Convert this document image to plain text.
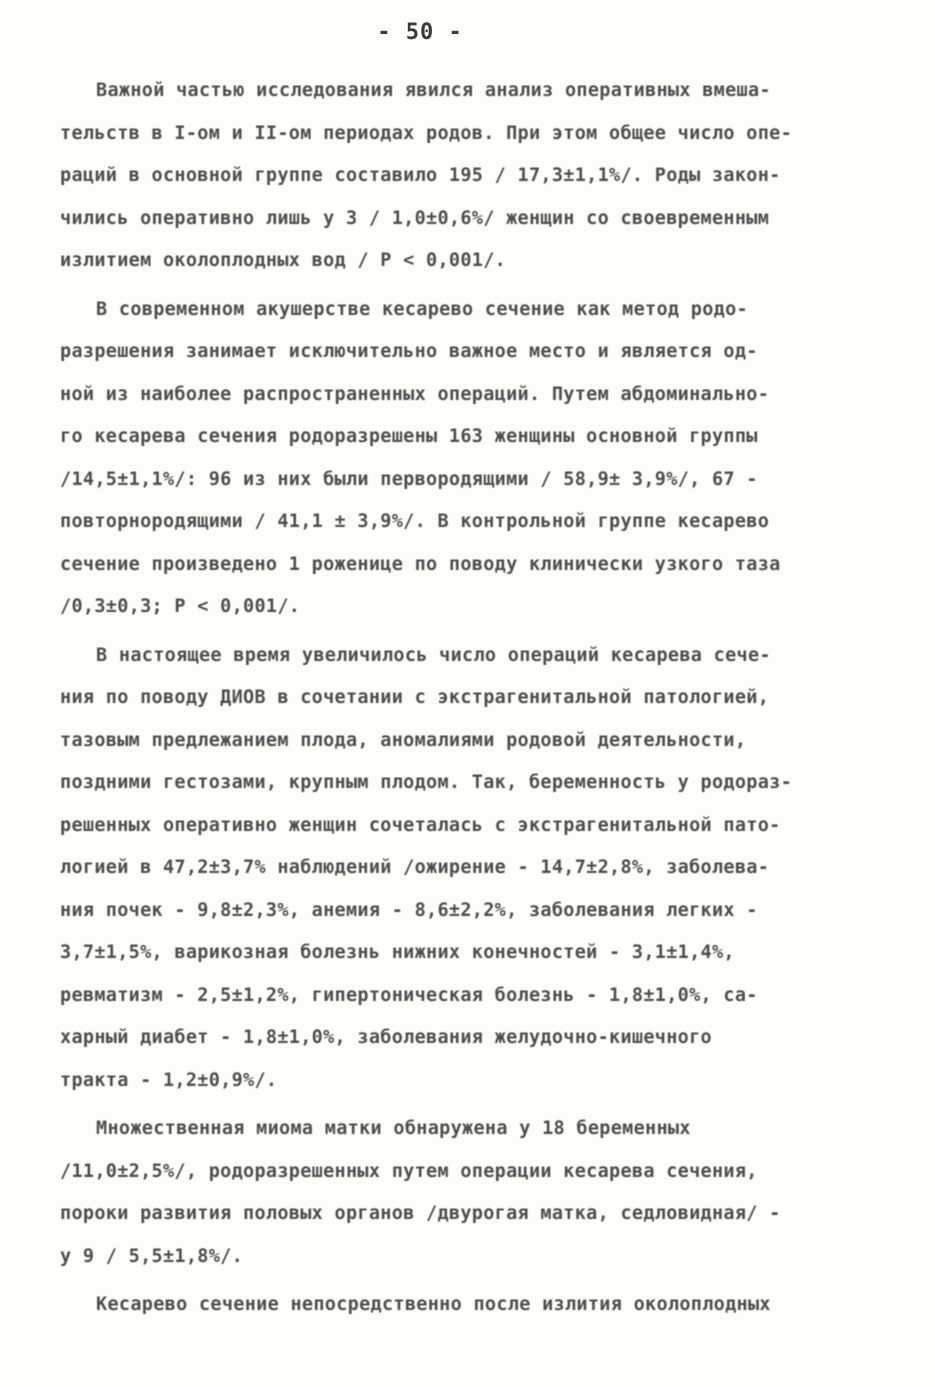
- 50 -
Важной частью исследования явился анализ оперативных вмеша-
тельств в I-ом и II-ом периодах родов. При этом общее число опе-
раций в основной группе составило 195 / 17,3±1,1%/. Роды закон-
чились оперативно лишь у 3 / 1,0±0,6%/ женщин со своевременным
излитием околоплодных вод / P < 0,001/.
В современном акушерстве кесарево сечение как метод родо-
разрешения занимает исключительно важное место и является од-
ной из наиболее распространенных операций. Путем абдоминально-
го кесарева сечения родоразрешены 163 женщины основной группы
/14,5±1,1%/: 96 из них были первородящими / 58,9± 3,9%/, 67 -
повторнородящими / 41,1 ± 3,9%/. В контрольной группе кесарево
сечение произведено 1 роженице по поводу клинически узкого таза
/0,3±0,3; P < 0,001/.
В настоящее время увеличилось число операций кесарева сече-
ния по поводу ДИОВ в сочетании с экстрагенитальной патологией,
тазовым предлежанием плода, аномалиями родовой деятельности,
поздними гестозами, крупным плодом. Так, беременность у родораз-
решенных оперативно женщин сочеталась с экстрагенитальной пато-
логией в 47,2±3,7% наблюдений /ожирение - 14,7±2,8%, заболева-
ния почек - 9,8±2,3%, анемия - 8,6±2,2%, заболевания легких -
3,7±1,5%, варикозная болезнь нижних конечностей - 3,1±1,4%,
ревматизм - 2,5±1,2%, гипертоническая болезнь - 1,8±1,0%, са-
харный диабет - 1,8±1,0%, заболевания желудочно-кишечного
тракта - 1,2±0,9%/.
Множественная миома матки обнаружена у 18 беременных
/11,0±2,5%/, родоразрешенных путем операции кесарева сечения,
пороки развития половых органов /двурогая матка, седловидная/ -
у 9 / 5,5±1,8%/.
Кесарево сечение непосредственно после излития околоплодных
